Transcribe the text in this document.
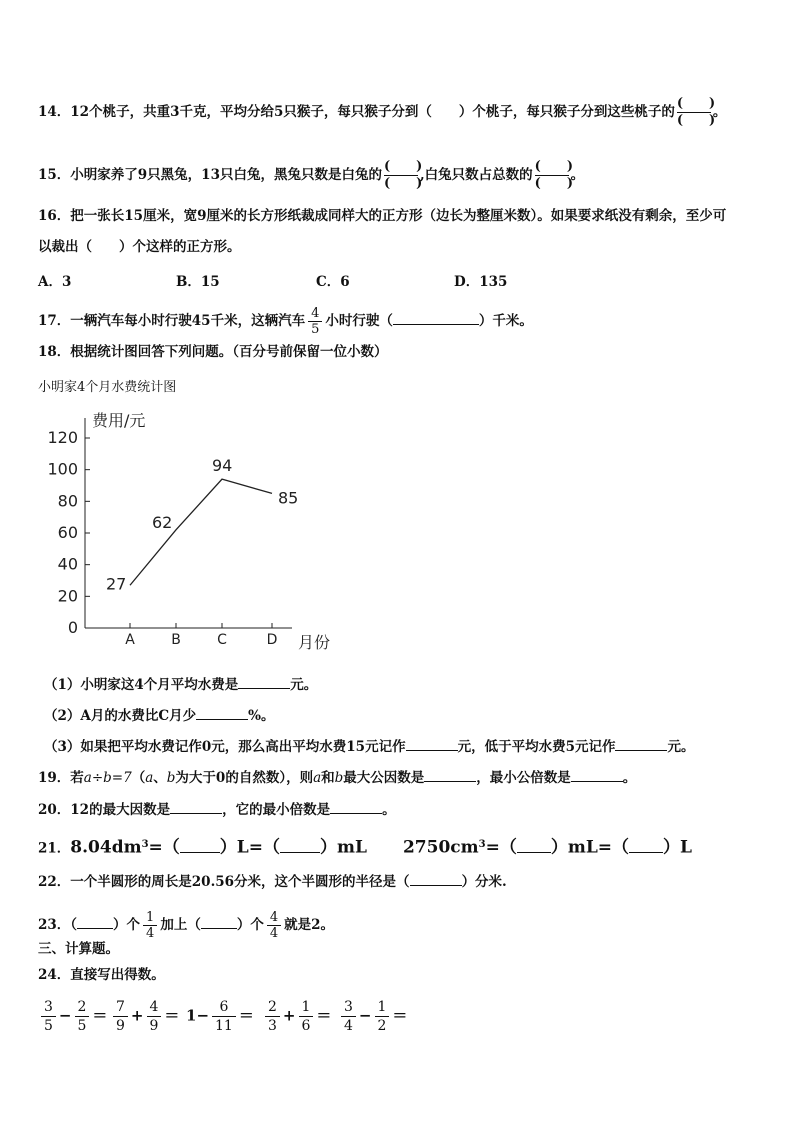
14．12个桃子，共重3千克，平均分给5只猴子，每只猴子分到（　　）个桃子，每只猴子分到这些桃子的 $\frac{( )}{( )}$ 。
15．小明家养了9只黑兔，13只白兔，黑兔只数是白兔的 $\frac{( )}{( )}$ ,白兔只数占总数的 $\frac{( )}{( )}$ 。
16．把一张长15厘米，宽9厘米的长方形纸裁成同样大的正方形（边长为整厘米数）。如果要求纸没有剩余，至少可
以裁出（　　）个这样的正方形。
A．3	B．15	C．6	D．135
17．一辆汽车每小时行驶45千米，这辆汽车 $\frac{4}{5}$ 小时行驶（	）千米。
18．根据统计图回答下列问题。（百分号前保留一位小数）
小明家4个月水费统计图
费用/元
月份
0
20
40
60
80
100
120
A	B	C	D
27
62
94
85
（1）小明家这4个月平均水费是	元。
（2）A月的水费比C月少	%。
（3）如果把平均水费记作0元，那么高出平均水费15元记作	元，低于平均水费5元记作	元。
19．若a÷b=7（a、b为大于0的自然数），则a和b最大公因数是	，最小公倍数是	。
20．12的最大因数是	，它的最小倍数是	。
21．$8.04dm^3=$（ ）L=（ ）mL $2750cm^3=$（ ）mL=（ ）L
22．一个半圆形的周长是20.56分米，这个半圆形的半径是（	）分米.
23．（	）个 $\frac{1}{4}$ 加上（	）个 $\frac{4}{4}$ 就是2。
三、计算题。
24．直接写出得数。
$\frac{3}{5} - \frac{2}{5} = \frac{7}{9} + \frac{4}{9} = 1- \frac{6}{11} = \frac{2}{3} + \frac{1}{6} = \frac{3}{4} - \frac{1}{2}$ ＝
